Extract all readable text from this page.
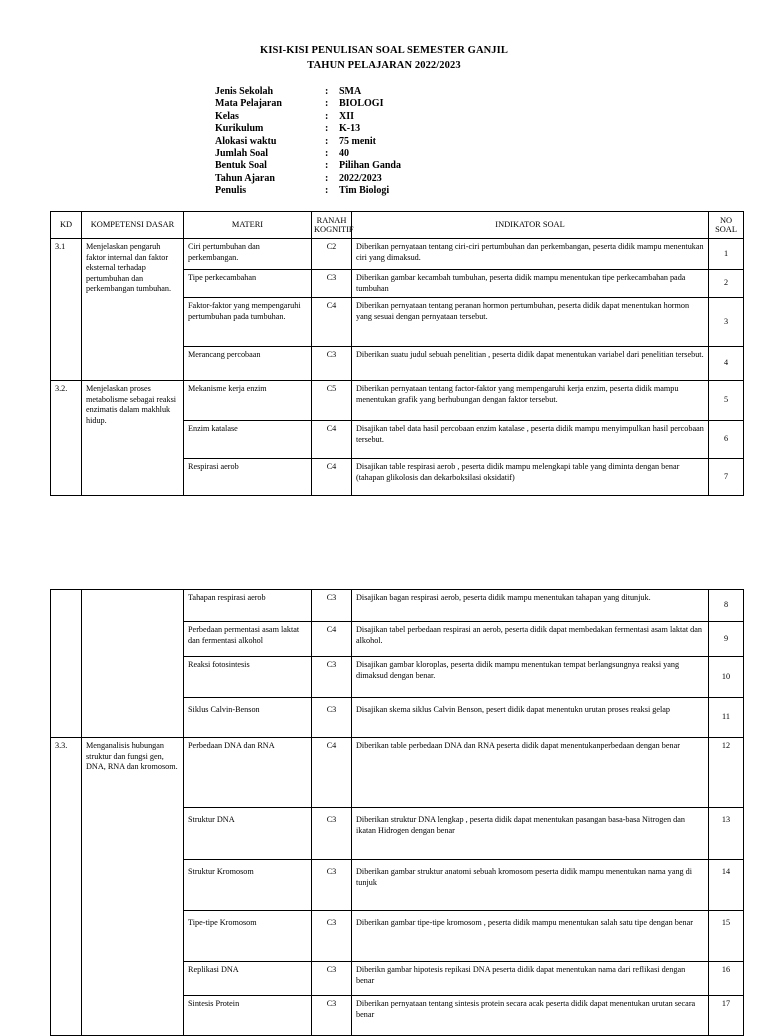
KISI-KISI PENULISAN SOAL SEMESTER GANJIL
TAHUN PELAJARAN 2022/2023
Jenis Sekolah	: SMA
Mata Pelajaran	: BIOLOGI
Kelas	: XII
Kurikulum	: K-13
Alokasi waktu	: 75 menit
Jumlah Soal	: 40
Bentuk Soal	: Pilihan Ganda
Tahun Ajaran	: 2022/2023
Penulis	: Tim Biologi
KD	KOMPETENSI DASAR	MATERI	RANAH KOGNITIF	INDIKATOR SOAL	NO SOAL
3.1	Menjelaskan pengaruh faktor internal dan faktor eksternal terhadap pertumbuhan dan perkembangan tumbuhan.	Ciri pertumbuhan dan perkembangan.	C2	Diberikan pernyataan tentang ciri-ciri pertumbuhan dan perkembangan, peserta didik mampu menentukan ciri yang dimaksud.	1
		Tipe perkecambahan	C3	Diberikan gambar kecambah tumbuhan, peserta didik mampu menentukan tipe perkecambahan pada tumbuhan	2
		Faktor-faktor yang mempengaruhi pertumbuhan pada tumbuhan.	C4	Diberikan pernyataan tentang peranan hormon pertumbuhan, peserta didik dapat menentukan hormon yang sesuai dengan pernyataan tersebut.	3
		Merancang percobaan	C3	Diberikan suatu judul sebuah penelitian , peserta didik dapat menentukan variabel dari penelitian tersebut.	4
3.2.	Menjelaskan proses metabolisme sebagai reaksi enzimatis dalam makhluk hidup.	Mekanisme kerja enzim	C5	Diberikan pernyataan tentang factor-faktor yang mempengaruhi kerja enzim, peserta didik mampu menentukan grafik yang berhubungan dengan faktor tersebut.	5
		Enzim katalase	C4	Disajikan tabel data hasil percobaan enzim katalase , peserta didik mampu menyimpulkan hasil percobaan tersebut.	6
		Respirasi aerob	C4	Disajikan table respirasi aerob , peserta didik mampu melengkapi table yang diminta dengan benar (tahapan glikolosis dan dekarboksilasi oksidatif)	7
		Tahapan respirasi aerob	C3	Disajikan bagan respirasi aerob, peserta didik mampu menentukan tahapan yang ditunjuk.	8
		Perbedaan permentasi asam laktat dan fermentasi alkohol	C4	Disajikan tabel perbedaan respirasi an aerob, peserta didik dapat membedakan fermentasi asam laktat dan alkohol.	9
		Reaksi fotosintesis	C3	Disajikan gambar kloroplas, peserta didik mampu menentukan tempat berlangsungnya reaksi yang dimaksud dengan benar.	10
		Siklus Calvin-Benson	C3	Disajikan skema siklus Calvin Benson, pesert didik dapat menentukn urutan proses reaksi gelap	11
3.3.	Menganalisis hubungan struktur dan fungsi gen, DNA, RNA dan kromosom.	Perbedaan DNA dan RNA	C4	Diberikan table perbedaan DNA dan RNA peserta didik dapat menentukanperbedaan dengan benar	12
		Struktur DNA	C3	Diberikan struktur DNA lengkap , peserta didik dapat menentukan pasangan basa-basa Nitrogen dan ikatan Hidrogen dengan benar	13
		Struktur Kromosom	C3	Diberikan gambar struktur anatomi sebuah kromosom peserta didik mampu menentukan nama yang di tunjuk	14
		Tipe-tipe Kromosom	C3	Diberikan gambar tipe-tipe kromosom , peserta didik mampu menentukan salah satu tipe dengan benar	15
		Replikasi DNA	C3	Diberikn gambar hipotesis repikasi DNA peserta didik dapat menentukan nama dari reflikasi dengan benar	16
		Sintesis Protein	C3	Diberikan pernyataan tentang sintesis protein secara acak peserta didik dapat menentukan urutan secara benar	17
